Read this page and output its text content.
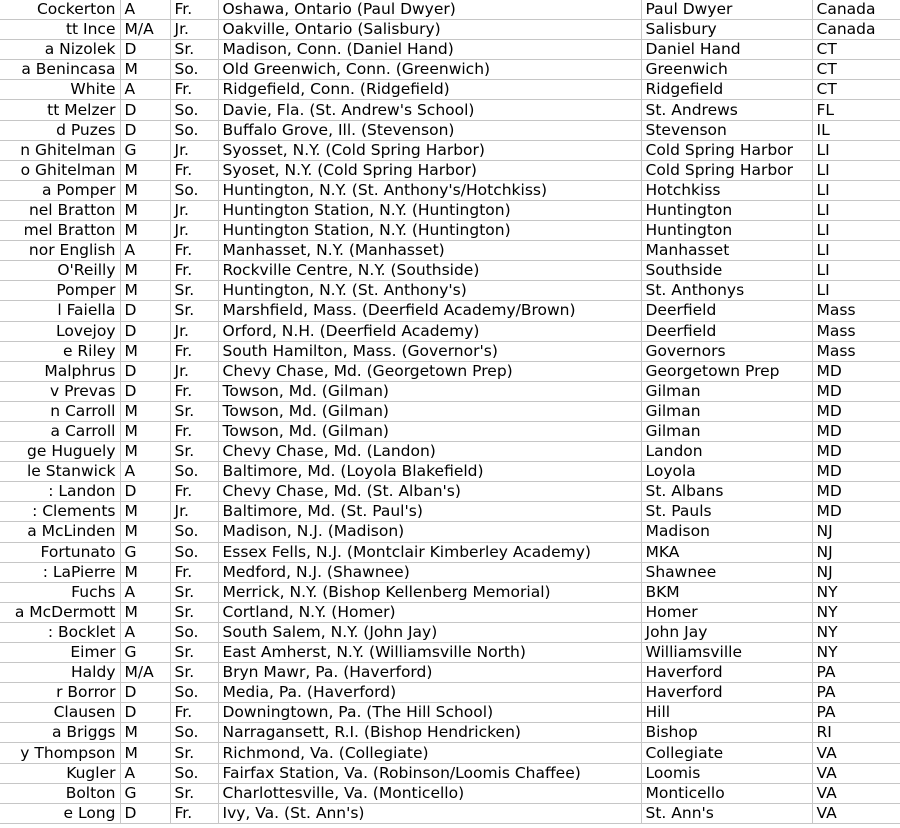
Cockerton	A	Fr.	Oshawa, Ontario (Paul Dwyer)	Paul Dwyer	Canada
tt Ince	M/A	Jr.	Oakville, Ontario (Salisbury)	Salisbury	Canada
a Nizolek	D	Sr.	Madison, Conn. (Daniel Hand)	Daniel Hand	CT
a Benincasa	M	So.	Old Greenwich, Conn. (Greenwich)	Greenwich	CT
White	A	Fr.	Ridgefield, Conn. (Ridgefield)	Ridgefield	CT
tt Melzer	D	So.	Davie, Fla. (St. Andrew's School)	St. Andrews	FL
d Puzes	D	So.	Buffalo Grove, Ill. (Stevenson)	Stevenson	IL
n Ghitelman	G	Jr.	Syosset, N.Y. (Cold Spring Harbor)	Cold Spring Harbor	LI
o Ghitelman	M	Fr.	Syoset, N.Y. (Cold Spring Harbor)	Cold Spring Harbor	LI
a Pomper	M	So.	Huntington, N.Y. (St. Anthony's/Hotchkiss)	Hotchkiss	LI
nel Bratton	M	Jr.	Huntington Station, N.Y. (Huntington)	Huntington	LI
mel Bratton	M	Jr.	Huntington Station, N.Y. (Huntington)	Huntington	LI
nor English	A	Fr.	Manhasset, N.Y. (Manhasset)	Manhasset	LI
O'Reilly	M	Fr.	Rockville Centre, N.Y. (Southside)	Southside	LI
Pomper	M	Sr.	Huntington, N.Y. (St. Anthony's)	St. Anthonys	LI
l Faiella	D	Sr.	Marshfield, Mass. (Deerfield Academy/Brown)	Deerfield	Mass
Lovejoy	D	Jr.	Orford, N.H. (Deerfield Academy)	Deerfield	Mass
e Riley	M	Fr.	South Hamilton, Mass. (Governor's)	Governors	Mass
Malphrus	D	Jr.	Chevy Chase, Md. (Georgetown Prep)	Georgetown Prep	MD
v Prevas	D	Fr.	Towson, Md. (Gilman)	Gilman	MD
n Carroll	M	Sr.	Towson, Md. (Gilman)	Gilman	MD
a Carroll	M	Fr.	Towson, Md. (Gilman)	Gilman	MD
ge Huguely	M	Sr.	Chevy Chase, Md. (Landon)	Landon	MD
le Stanwick	A	So.	Baltimore, Md. (Loyola Blakefield)	Loyola	MD
: Landon	D	Fr.	Chevy Chase, Md. (St. Alban's)	St. Albans	MD
: Clements	M	Jr.	Baltimore, Md. (St. Paul's)	St. Pauls	MD
a McLinden	M	So.	Madison, N.J. (Madison)	Madison	NJ
Fortunato	G	So.	Essex Fells, N.J. (Montclair Kimberley Academy)	MKA	NJ
: LaPierre	M	Fr.	Medford, N.J. (Shawnee)	Shawnee	NJ
Fuchs	A	Sr.	Merrick, N.Y. (Bishop Kellenberg Memorial)	BKM	NY
a McDermott	M	Sr.	Cortland, N.Y. (Homer)	Homer	NY
: Bocklet	A	So.	South Salem, N.Y. (John Jay)	John Jay	NY
Eimer	G	Sr.	East Amherst, N.Y. (Williamsville North)	Williamsville	NY
Haldy	M/A	Sr.	Bryn Mawr, Pa. (Haverford)	Haverford	PA
r Borror	D	So.	Media, Pa. (Haverford)	Haverford	PA
Clausen	D	Fr.	Downingtown, Pa. (The Hill School)	Hill	PA
a Briggs	M	So.	Narragansett, R.I. (Bishop Hendricken)	Bishop	RI
y Thompson	M	Sr.	Richmond, Va. (Collegiate)	Collegiate	VA
Kugler	A	So.	Fairfax Station, Va. (Robinson/Loomis Chaffee)	Loomis	VA
Bolton	G	Sr.	Charlottesville, Va. (Monticello)	Monticello	VA
e Long	D	Fr.	Ivy, Va. (St. Ann's)	St. Ann's	VA
